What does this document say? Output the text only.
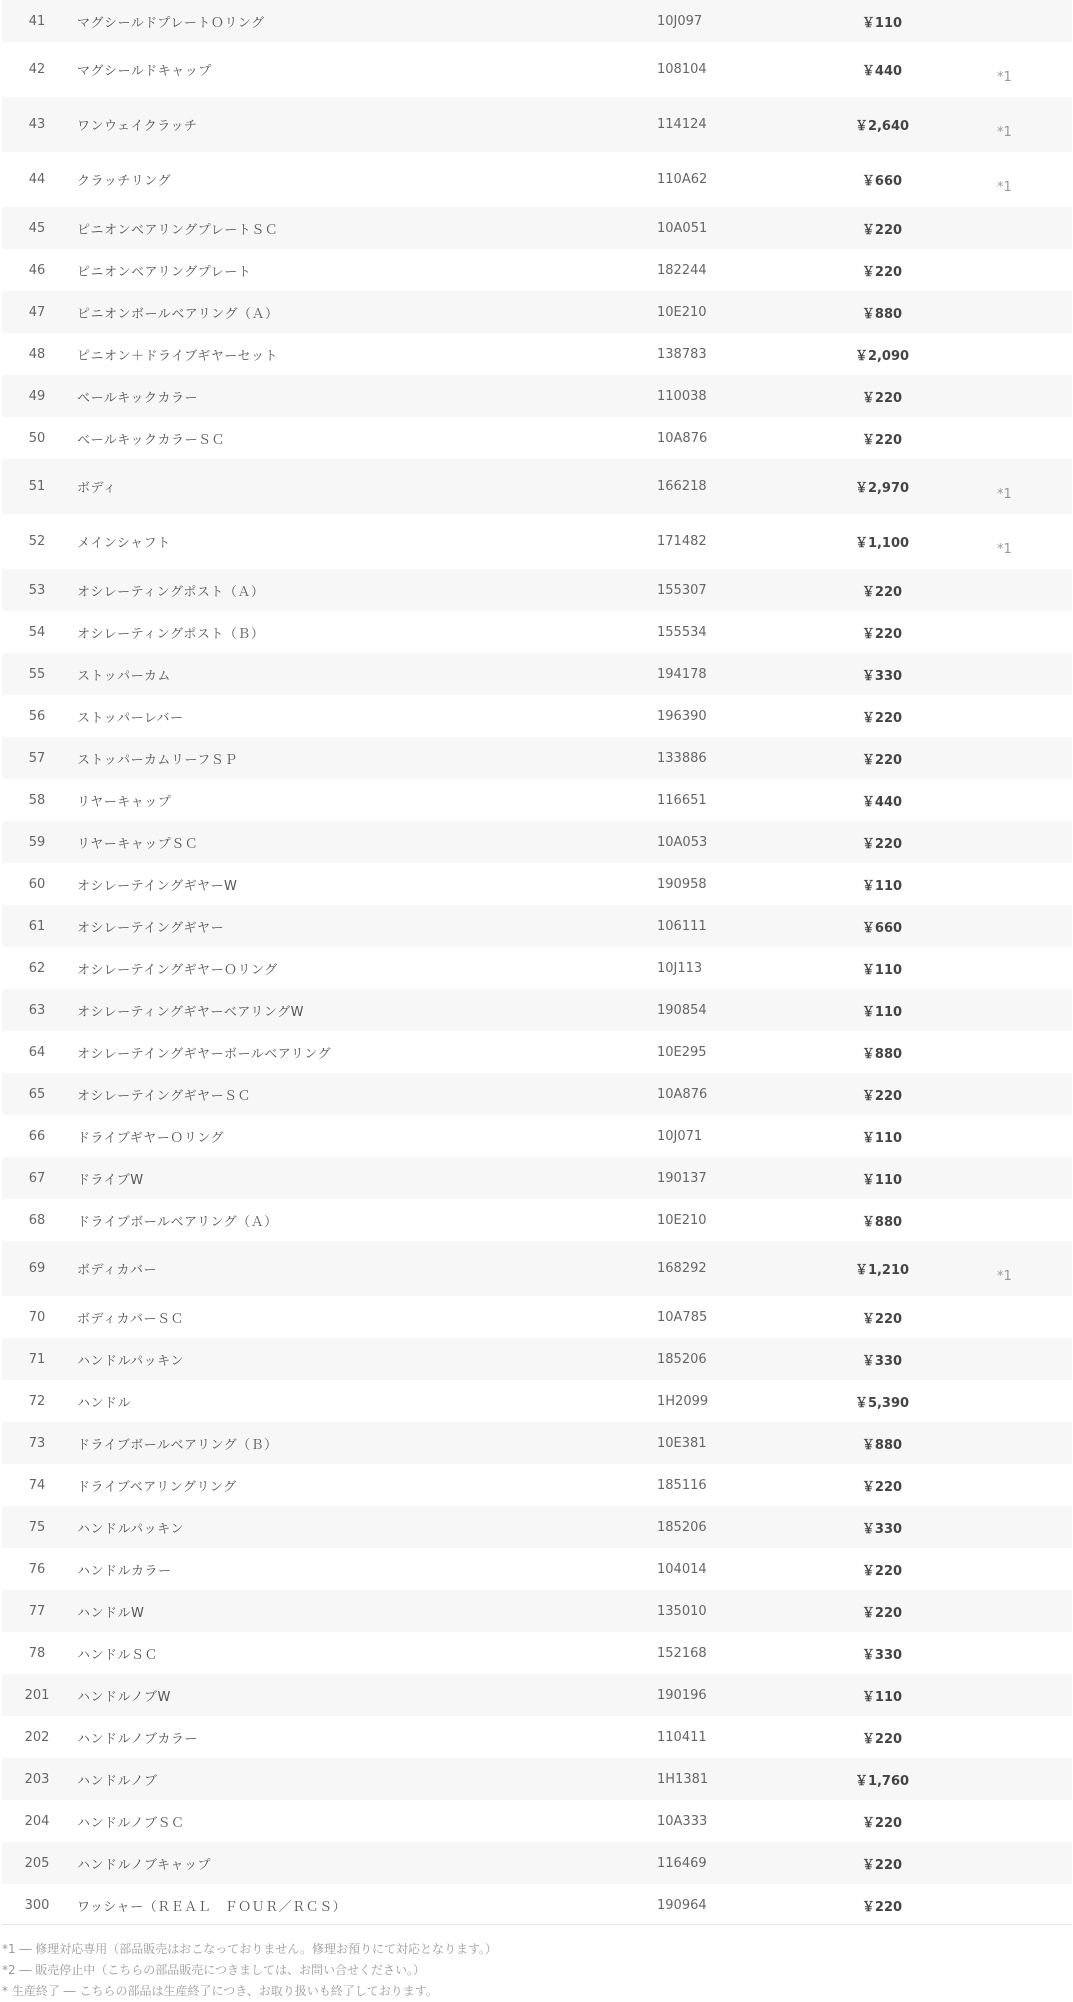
41	マグシールドプレートＯリング	10J097	￥110
42	マグシールドキャップ	108104	￥440	*1
43	ワンウェイクラッチ	114124	￥2,640	*1
44	クラッチリング	110A62	￥660	*1
45	ピニオンベアリングプレートＳＣ	10A051	￥220
46	ピニオンベアリングプレート	182244	￥220
47	ピニオンボールベアリング（Ａ）	10E210	￥880
48	ピニオン＋ドライブギヤーセット	138783	￥2,090
49	ベールキックカラー	110038	￥220
50	ベールキックカラーＳＣ	10A876	￥220
51	ボディ	166218	￥2,970	*1
52	メインシャフト	171482	￥1,100	*1
53	オシレーティングポスト（Ａ）	155307	￥220
54	オシレーティングポスト（Ｂ）	155534	￥220
55	ストッパーカム	194178	￥330
56	ストッパーレバー	196390	￥220
57	ストッパーカムリーフＳＰ	133886	￥220
58	リヤーキャップ	116651	￥440
59	リヤーキャップＳＣ	10A053	￥220
60	オシレーテイングギヤーW	190958	￥110
61	オシレーテイングギヤー	106111	￥660
62	オシレーテイングギヤーＯリング	10J113	￥110
63	オシレーティングギヤーベアリングW	190854	￥110
64	オシレーテイングギヤーボールベアリング	10E295	￥880
65	オシレーテイングギヤーＳＣ	10A876	￥220
66	ドライブギヤーＯリング	10J071	￥110
67	ドライブW	190137	￥110
68	ドライブボールベアリング（Ａ）	10E210	￥880
69	ボディカバー	168292	￥1,210	*1
70	ボディカバーＳＣ	10A785	￥220
71	ハンドルパッキン	185206	￥330
72	ハンドル	1H2099	￥5,390
73	ドライブボールベアリング（Ｂ）	10E381	￥880
74	ドライブベアリングリング	185116	￥220
75	ハンドルパッキン	185206	￥330
76	ハンドルカラー	104014	￥220
77	ハンドルW	135010	￥220
78	ハンドルＳＣ	152168	￥330
201	ハンドルノブW	190196	￥110
202	ハンドルノブカラー	110411	￥220
203	ハンドルノブ	1H1381	￥1,760
204	ハンドルノブＳＣ	10A333	￥220
205	ハンドルノブキャップ	116469	￥220
300	ワッシャー（ＲＥＡＬ　ＦＯＵＲ／ＲＣＳ）	190964	￥220
*1 ― 修理対応専用（部品販売はおこなっておりません。修理お預りにて対応となります。）
*2 ― 販売停止中（こちらの部品販売につきましては、お問い合せください。）
* 生産終了 ― こちらの部品は生産終了につき、お取り扱いも終了しております。
